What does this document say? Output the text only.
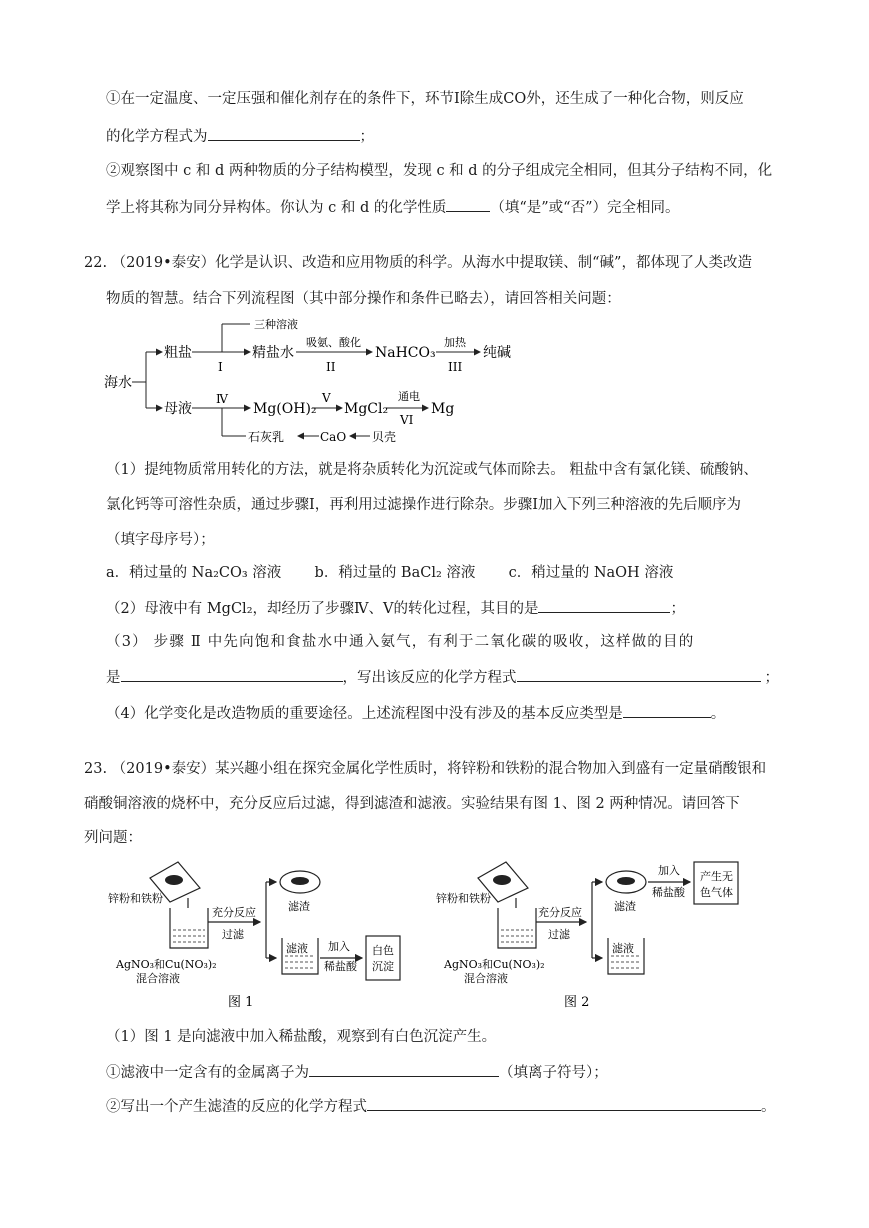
①在一定温度、一定压强和催化剂存在的条件下，环节Ⅰ除生成CO外，还生成了一种化合物，则反应
的化学方程式为	；
②观察图中 c 和 d 两种物质的分子结构模型，发现 c 和 d 的分子组成完全相同，但其分子结构不同，化
学上将其称为同分异构体。你认为 c 和 d 的化学性质	（填“是”或“否”）完全相同。
22. （2019•泰安）化学是认识、改造和应用物质的科学。从海水中提取镁、制“碱”，都体现了人类改造
物质的智慧。结合下列流程图（其中部分操作和条件已略去），请回答相关问题：
海水
粗盐
三种溶液
I
精盐水
吸氨、酸化
II
NaHCO₃
加热
III
纯碱
母液
Ⅳ
Mg(OH)₂
V
MgCl₂
通电
VI
Mg
石灰乳	CaO 贝壳
（1）提纯物质常用转化的方法，就是将杂质转化为沉淀或气体而除去。 粗盐中含有氯化镁、硫酸钠、
氯化钙等可溶性杂质，通过步骤Ⅰ，再利用过滤操作进行除杂。步骤Ⅰ加入下列三种溶液的先后顺序为
（填字母序号）；
a．稍过量的 Na₂CO₃ 溶液 b．稍过量的 BaCl₂ 溶液 c．稍过量的 NaOH 溶液
（2）母液中有 MgCl₂，却经历了步骤Ⅳ、Ⅴ的转化过程，其目的是	；
（3） 步骤 Ⅱ 中先向饱和食盐水中通入氨气，有利于二氧化碳的吸收，这样做的目的
是	，写出该反应的化学方程式	；
（4）化学变化是改造物质的重要途径。上述流程图中没有涉及的基本反应类型是	。
23. （2019•泰安）某兴趣小组在探究金属化学性质时，将锌粉和铁粉的混合物加入到盛有一定量硝酸银和
硝酸铜溶液的烧杯中，充分反应后过滤，得到滤渣和滤液。实验结果有图 1、图 2 两种情况。请回答下
列问题：
锌粉和铁粉
充分反应
过滤
滤渣
滤液 加入
稀盐酸
白色
沉淀
AgNO₃和Cu(NO₃)₂
混合溶液
图 1
锌粉和铁粉
充分反应
过滤
滤渣
滤液
加入
稀盐酸
产生无
色气体
AgNO₃和Cu(NO₃)₂
混合溶液
图 2
（1）图 1 是向滤液中加入稀盐酸，观察到有白色沉淀产生。
①滤液中一定含有的金属离子为	（填离子符号）；
②写出一个产生滤渣的反应的化学方程式	。
